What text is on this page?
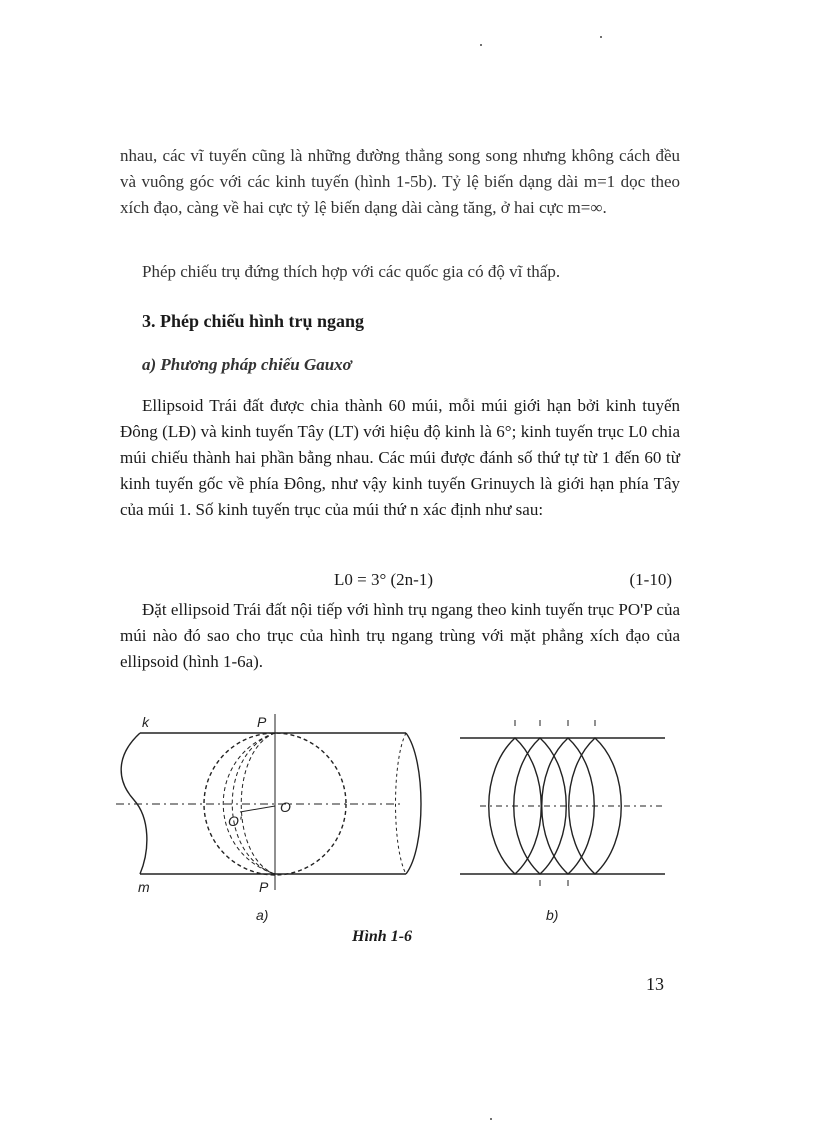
nhau, các vĩ tuyến cũng là những đường thẳng song song nhưng không cách đều và vuông góc với các kinh tuyến (hình 1-5b). Tỷ lệ biến dạng dài m=1 dọc theo xích đạo, càng về hai cực tỷ lệ biến dạng dài càng tăng, ở hai cực m=∞.

Phép chiếu trụ đứng thích hợp với các quốc gia có độ vĩ thấp.

3. Phép chiếu hình trụ ngang
a) Phương pháp chiếu Gauxơ

Ellipsoid Trái đất được chia thành 60 múi, mỗi múi giới hạn bởi kinh tuyến Đông (LĐ) và kinh tuyến Tây (LT) với hiệu độ kinh là 6°; kinh tuyến trục L0 chia múi chiếu thành hai phần bằng nhau. Các múi được đánh số thứ tự từ 1 đến 60 từ kinh tuyến gốc về phía Đông, như vậy kinh tuyến Grinuych là giới hạn phía Tây của múi 1. Số kinh tuyến trục của múi thứ n xác định như sau:

L0 = 3° (2n-1)	(1-10)

Đặt ellipsoid Trái đất nội tiếp với hình trụ ngang theo kinh tuyến trục PO'P của múi nào đó sao cho trục của hình trụ ngang trùng với mặt phẳng xích đạo của ellipsoid (hình 1-6a).

k
m
P
P
O
O'
a)	b)

Hình 1-6

13
